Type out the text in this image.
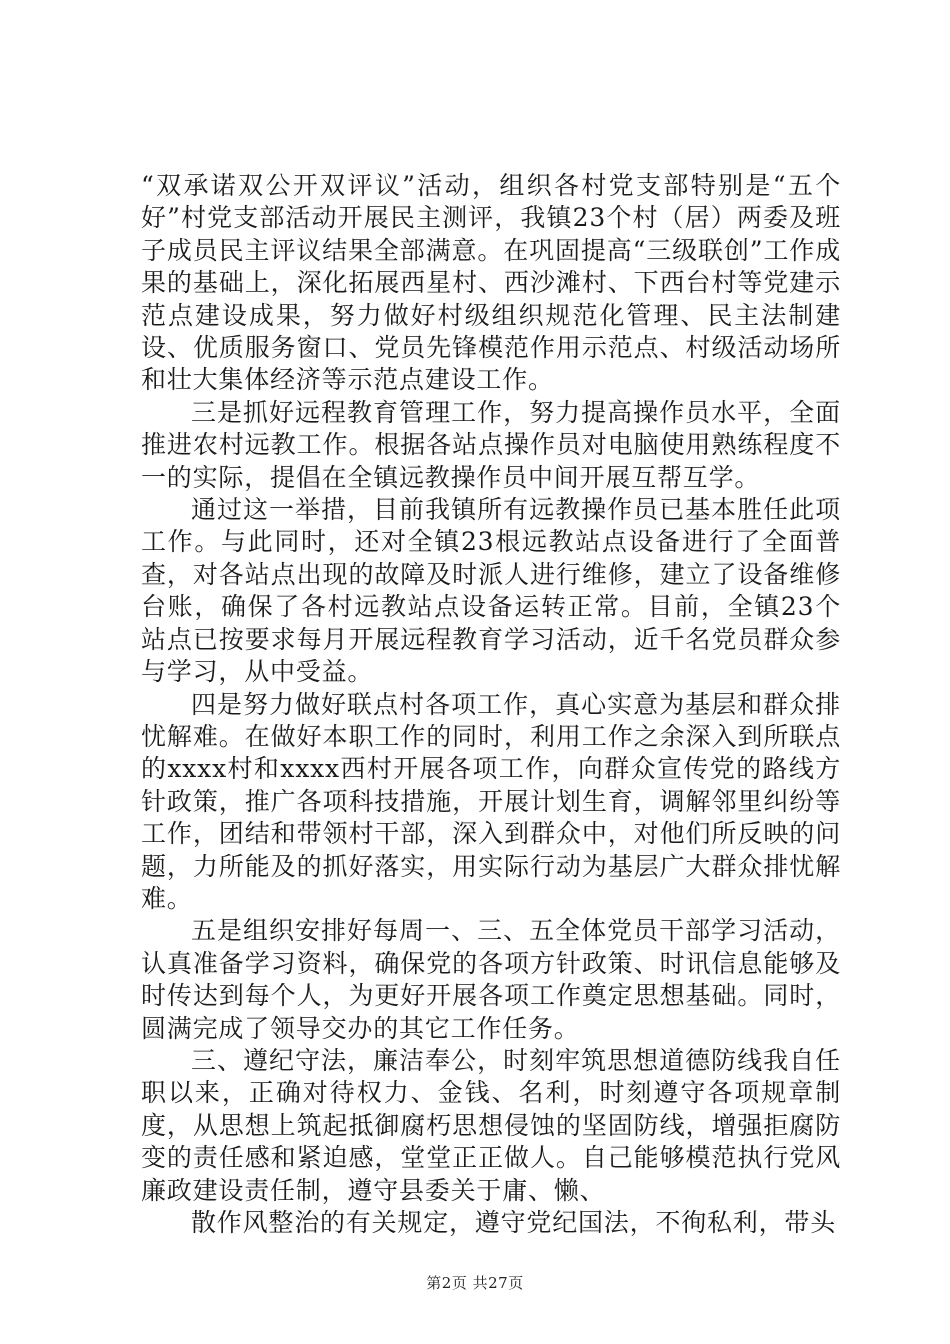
“双承诺双公开双评议”活动，组织各村党支部特别是“五个好”村党支部活动开展民主测评，我镇23个村（居）两委及班子成员民主评议结果全部满意。在巩固提高“三级联创”工作成果的基础上，深化拓展西星村、西沙滩村、下西台村等党建示范点建设成果，努力做好村级组织规范化管理、民主法制建设、优质服务窗口、党员先锋模范作用示范点、村级活动场所和壮大集体经济等示范点建设工作。

三是抓好远程教育管理工作，努力提高操作员水平，全面推进农村远教工作。根据各站点操作员对电脑使用熟练程度不一的实际，提倡在全镇远教操作员中间开展互帮互学。

通过这一举措，目前我镇所有远教操作员已基本胜任此项工作。与此同时，还对全镇23根远教站点设备进行了全面普查，对各站点出现的故障及时派人进行维修，建立了设备维修台账，确保了各村远教站点设备运转正常。目前，全镇23个站点已按要求每月开展远程教育学习活动，近千名党员群众参与学习，从中受益。

四是努力做好联点村各项工作，真心实意为基层和群众排忧解难。在做好本职工作的同时，利用工作之余深入到所联点的xxxx村和xxxx西村开展各项工作，向群众宣传党的路线方针政策，推广各项科技措施，开展计划生育，调解邻里纠纷等工作，团结和带领村干部，深入到群众中，对他们所反映的问题，力所能及的抓好落实，用实际行动为基层广大群众排忧解难。

五是组织安排好每周一、三、五全体党员干部学习活动，认真准备学习资料，确保党的各项方针政策、时讯信息能够及时传达到每个人，为更好开展各项工作奠定思想基础。同时，圆满完成了领导交办的其它工作任务。

三、遵纪守法，廉洁奉公，时刻牢筑思想道德防线我自任职以来，正确对待权力、金钱、名利，时刻遵守各项规章制度，从思想上筑起抵御腐朽思想侵蚀的坚固防线，增强拒腐防变的责任感和紧迫感，堂堂正正做人。自己能够模范执行党风廉政建设责任制，遵守县委关于庸、懒、

散作风整治的有关规定，遵守党纪国法，不徇私利，带头

第2页 共27页
